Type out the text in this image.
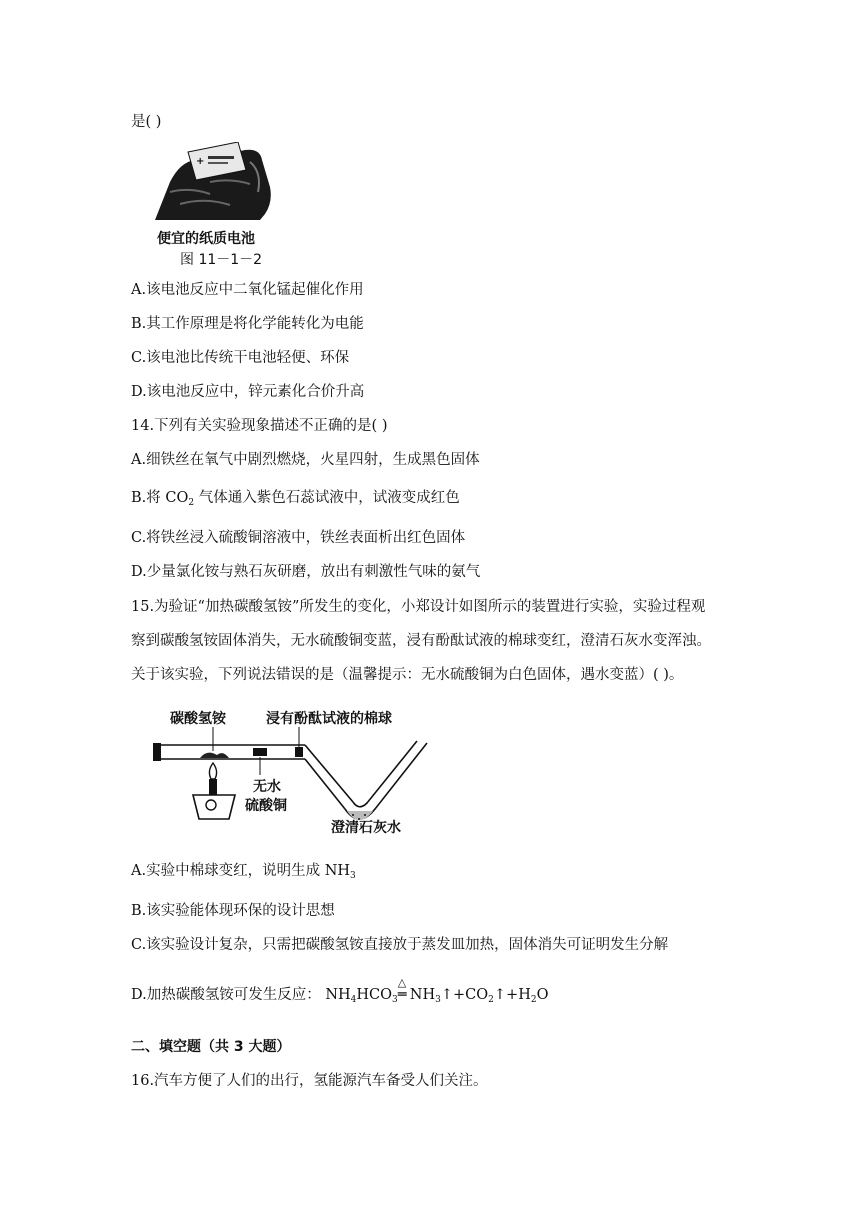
是( )
+
便宜的纸质电池
图 11－1－2
A.该电池反应中二氧化锰起催化作用
B.其工作原理是将化学能转化为电能
C.该电池比传统干电池轻便、环保
D.该电池反应中，锌元素化合价升高
14.下列有关实验现象描述不正确的是( )
A.细铁丝在氧气中剧烈燃烧，火星四射，生成黑色固体
B.将 $CO_2$ 气体通入紫色石蕊试液中，试液变成红色
C.将铁丝浸入硫酸铜溶液中，铁丝表面析出红色固体
D.少量氯化铵与熟石灰研磨，放出有刺激性气味的氨气
15.为验证“加热碳酸氢铵”所发生的变化，小郑设计如图所示的装置进行实验，实验过程观
察到碳酸氢铵固体消失，无水硫酸铜变蓝，浸有酚酞试液的棉球变红，澄清石灰水变浑浊。
关于该实验，下列说法错误的是（温馨提示：无水硫酸铜为白色固体，遇水变蓝）( )。
碳酸氢铵	浸有酚酞试液的棉球
无水
硫酸铜
澄清石灰水
A.实验中棉球变红，说明生成 $NH_3$
B.该实验能体现环保的设计思想
C.该实验设计复杂，只需把碳酸氢铵直接放于蒸发皿加热，固体消失可证明发生分解
D.加热碳酸氢铵可发生反应： $NH_4HCO_3$
△
═ $NH_3↑+CO_2↑+H_2O$
二、填空题（共 3 大题）
16.汽车方便了人们的出行，氢能源汽车备受人们关注。
